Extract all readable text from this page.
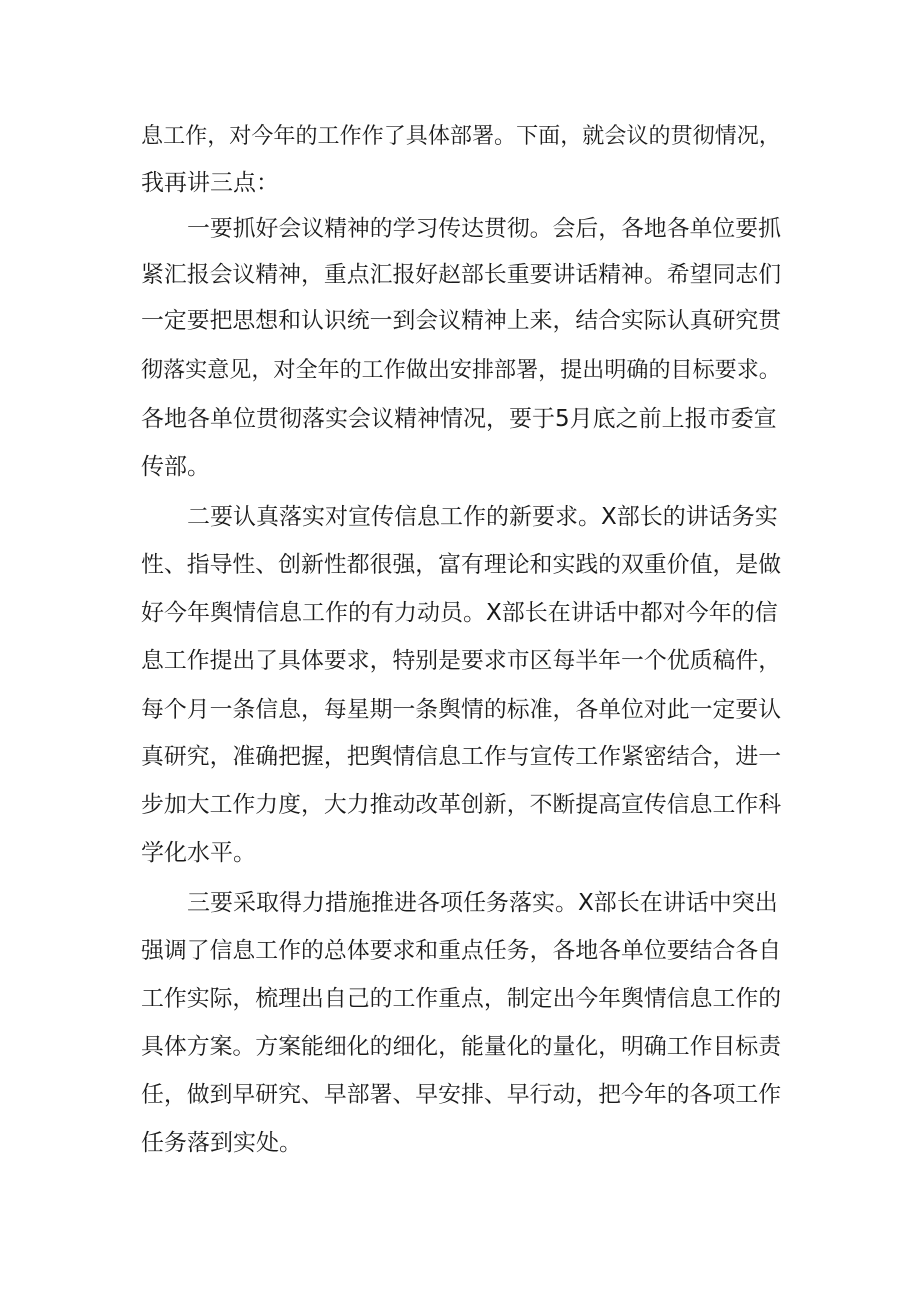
息工作，对今年的工作作了具体部署。下面，就会议的贯彻情况，
我再讲三点：
一要抓好会议精神的学习传达贯彻。会后，各地各单位要抓
紧汇报会议精神，重点汇报好赵部长重要讲话精神。希望同志们
一定要把思想和认识统一到会议精神上来，结合实际认真研究贯
彻落实意见，对全年的工作做出安排部署，提出明确的目标要求。
各地各单位贯彻落实会议精神情况，要于5月底之前上报市委宣
传部。
二要认真落实对宣传信息工作的新要求。X部长的讲话务实
性、指导性、创新性都很强，富有理论和实践的双重价值，是做
好今年舆情信息工作的有力动员。X部长在讲话中都对今年的信
息工作提出了具体要求，特别是要求市区每半年一个优质稿件，
每个月一条信息，每星期一条舆情的标准，各单位对此一定要认
真研究，准确把握，把舆情信息工作与宣传工作紧密结合，进一
步加大工作力度，大力推动改革创新，不断提高宣传信息工作科
学化水平。
三要采取得力措施推进各项任务落实。X部长在讲话中突出
强调了信息工作的总体要求和重点任务，各地各单位要结合各自
工作实际，梳理出自己的工作重点，制定出今年舆情信息工作的
具体方案。方案能细化的细化，能量化的量化，明确工作目标责
任，做到早研究、早部署、早安排、早行动，把今年的各项工作
任务落到实处。
